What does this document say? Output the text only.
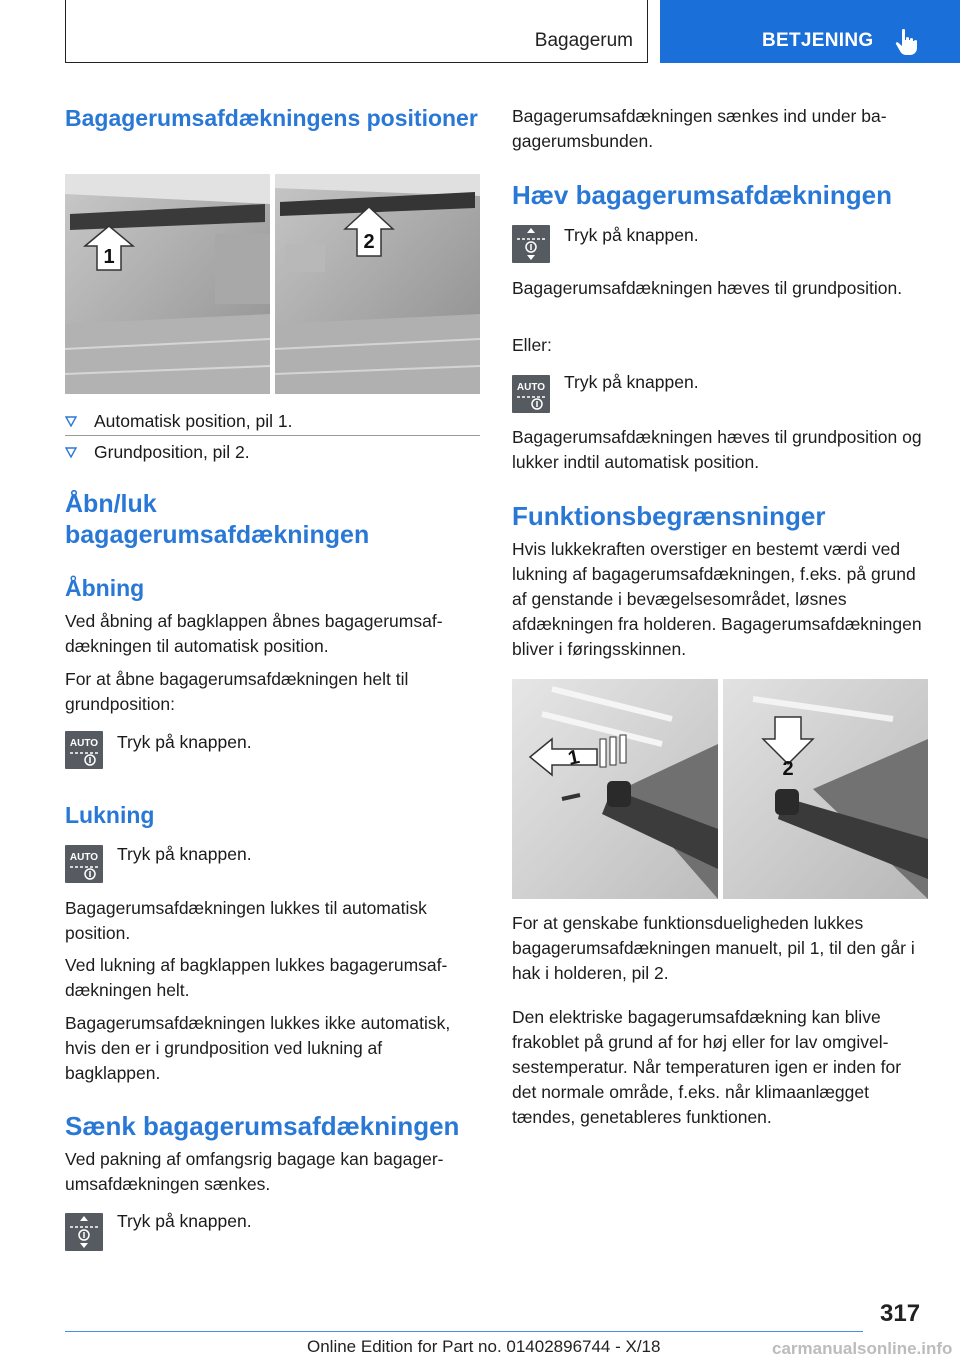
Bagagerum	BETJENING
Bagagerumsafdækningens positioner
1
2
Automatisk position, pil 1.
Grundposition, pil 2.
Åbn/luk bagagerumsafdækningen
Åbning

Ved åbning af bagklappen åbnes bagagerumsafdækningen til automatisk position.

For at åbne bagagerumsafdækningen helt til grundposition:

AUTO Tryk på knappen.
Lukning
AUTO Tryk på knappen.

Bagagerumsafdækningen lukkes til automatisk position.

Ved lukning af bagklappen lukkes bagagerumsafdækningen helt.

Bagagerumsafdækningen lukkes ikke automatisk, hvis den er i grundposition ved lukning af bagklappen.

Sænk bagagerumsafdækningen

Ved pakning af omfangsrig bagage kan bagagerumsafdækningen sænkes.

Tryk på knappen.

Bagagerumsafdækningen sænkes ind under bagagerumsbunden.

Hæv bagagerumsafdækningen
Tryk på knappen.

Bagagerumsafdækningen hæves til grundposition.

Eller:

AUTO Tryk på knappen.

Bagagerumsafdækningen hæves til grundposition og lukker indtil automatisk position.

Funktionsbegrænsninger

Hvis lukkekraften overstiger en bestemt værdi ved lukning af bagagerumsafdækningen, f.eks. på grund af genstande i bevægelsesområdet, løsnes afdækningen fra holderen. Bagagerumsafdækningen bliver i føringsskinnen.

1	2

For at genskabe funktionsdueligheden lukkes bagagerumsafdækningen manuelt, pil 1, til den går i hak i holderen, pil 2.

Den elektriske bagagerumsafdækning kan blive frakoblet på grund af for høj eller for lav omgivelsestemperatur. Når temperaturen igen er inden for det normale område, f.eks. når klimaanlægget tændes, genetableres funktionen.

317
Online Edition for Part no. 01402896744 - X/18	carmanualsonline.info
